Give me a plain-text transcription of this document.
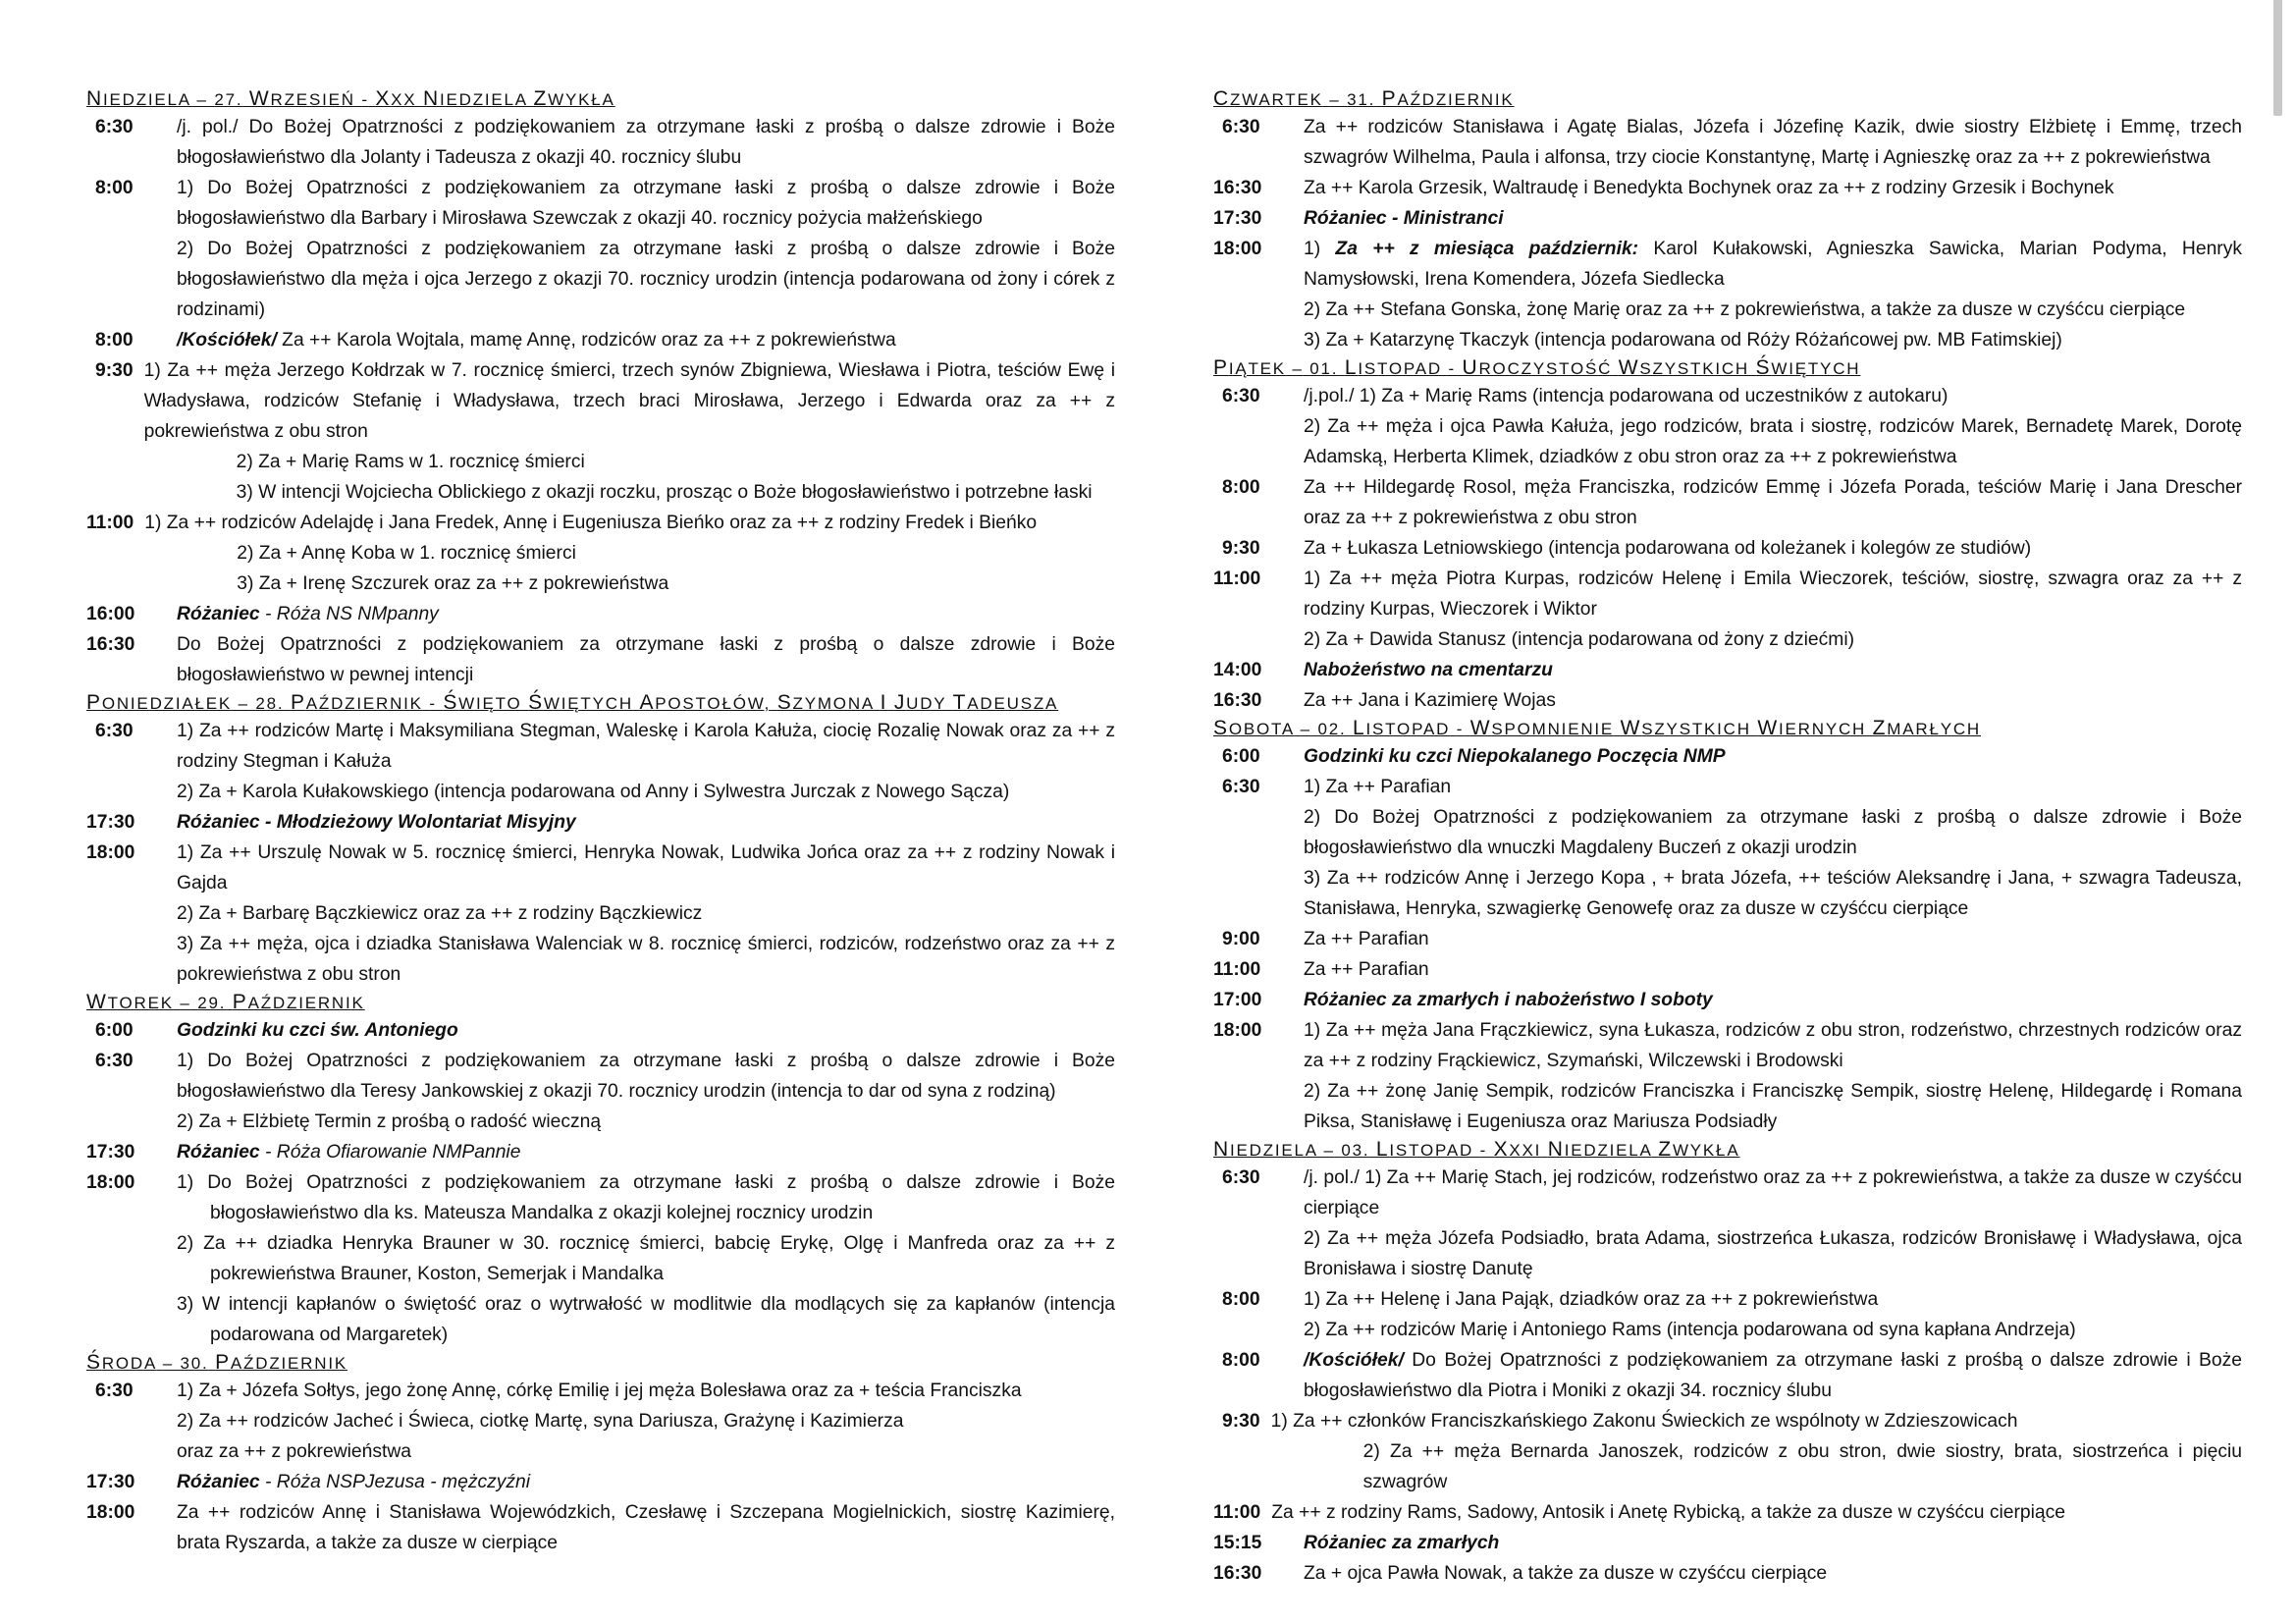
NIEDZIELA – 27. WRZESIEŃ - XXX NIEDZIELA ZWYKŁA
6:30	/j. pol./ Do Bożej Opatrzności z podziękowaniem za otrzymane łaski z prośbą o dalsze zdrowie i Boże błogosławieństwo dla Jolanty i Tadeusza z okazji 40. rocznicy ślubu
8:00	1) Do Bożej Opatrzności z podziękowaniem za otrzymane łaski z prośbą o dalsze zdrowie i Boże błogosławieństwo dla Barbary i Mirosława Szewczak z okazji 40. rocznicy pożycia małżeńskiego
2) Do Bożej Opatrzności z podziękowaniem za otrzymane łaski z prośbą o dalsze zdrowie i Boże błogosławieństwo dla męża i ojca Jerzego z okazji 70. rocznicy urodzin (intencja podarowana od żony i córek z rodzinami)
8:00	/Kościółek/ Za ++ Karola Wojtala, mamę Annę, rodziców oraz za ++ z pokrewieństwa
9:30 1) Za ++ męża Jerzego Kołdrzak w 7. rocznicę śmierci, trzech synów Zbigniewa, Wiesława i Piotra, teściów Ewę i Władysława, rodziców Stefanię i Władysława, trzech braci Mirosława, Jerzego i Edwarda oraz za ++ z pokrewieństwa z obu stron
2) Za + Marię Rams w 1. rocznicę śmierci
3) W intencji Wojciecha Oblickiego z okazji roczku, prosząc o Boże błogosławieństwo i potrzebne łaski
11:00 1) Za ++ rodziców Adelajdę i Jana Fredek, Annę i Eugeniusza Bieńko oraz za ++ z rodziny Fredek i Bieńko
2) Za + Annę Koba w 1. rocznicę śmierci
3) Za + Irenę Szczurek oraz za ++ z pokrewieństwa
16:00	Różaniec - Róża NS NMpanny
16:30	Do Bożej Opatrzności z podziękowaniem za otrzymane łaski z prośbą o dalsze zdrowie i Boże błogosławieństwo w pewnej intencji
PONIEDZIAŁEK – 28. PAŹDZIERNIK - ŚWIĘTO ŚWIĘTYCH APOSTOŁÓW, SZYMONA I JUDY TADEUSZA
6:30	1) Za ++ rodziców Martę i Maksymiliana Stegman, Waleskę i Karola Kałuża, ciocię Rozalię Nowak oraz za ++ z rodziny Stegman i Kałuża
2) Za + Karola Kułakowskiego (intencja podarowana od Anny i Sylwestra Jurczak z Nowego Sącza)
17:30	Różaniec - Młodzieżowy Wolontariat Misyjny
18:00	1) Za ++ Urszulę Nowak w 5. rocznicę śmierci, Henryka Nowak, Ludwika Jońca oraz za ++ z rodziny Nowak i Gajda
2) Za + Barbarę Bączkiewicz oraz za ++ z rodziny Bączkiewicz
3) Za ++ męża, ojca i dziadka Stanisława Walenciak w 8. rocznicę śmierci, rodziców, rodzeństwo oraz za ++ z pokrewieństwa z obu stron
WTOREK – 29. PAŹDZIERNIK
6:00	Godzinki ku czci św. Antoniego
6:30	1) Do Bożej Opatrzności z podziękowaniem za otrzymane łaski z prośbą o dalsze zdrowie i Boże błogosławieństwo dla Teresy Jankowskiej z okazji 70. rocznicy urodzin (intencja to dar od syna z rodziną)
2) Za + Elżbietę Termin z prośbą o radość wieczną
17:30	Różaniec - Róża Ofiarowanie NMPannie
18:00	1) Do Bożej Opatrzności z podziękowaniem za otrzymane łaski z prośbą o dalsze zdrowie i Boże błogosławieństwo dla ks. Mateusza Mandalka z okazji kolejnej rocznicy urodzin
2) Za ++ dziadka Henryka Brauner w 30. rocznicę śmierci, babcię Erykę, Olgę i Manfreda oraz za ++ z pokrewieństwa Brauner, Koston, Semerjak i Mandalka
3) W intencji kapłanów o świętość oraz o wytrwałość w modlitwie dla modlących się za kapłanów (intencja podarowana od Margaretek)
ŚRODA – 30. PAŹDZIERNIK
6:30	1) Za + Józefa Sołtys, jego żonę Annę, córkę Emilię i jej męża Bolesława oraz za + teścia Franciszka
2) Za ++ rodziców Jacheć i Świeca, ciotkę Martę, syna Dariusza, Grażynę i Kazimierza
oraz za ++ z pokrewieństwa
17:30	Różaniec - Róża NSPJezusa - mężczyźni
18:00	Za ++ rodziców Annę i Stanisława Wojewódzkich, Czesławę i Szczepana Mogielnickich, siostrę Kazimierę, brata Ryszarda, a także za dusze w cierpiące
CZWARTEK – 31. PAŹDZIERNIK
6:30	Za ++ rodziców Stanisława i Agatę Bialas, Józefa i Józefinę Kazik, dwie siostry Elżbietę i Emmę, trzech szwagrów Wilhelma, Paula i alfonsa, trzy ciocie Konstantynę, Martę i Agnieszkę oraz za ++ z pokrewieństwa
16:30	Za ++ Karola Grzesik, Waltraudę i Benedykta Bochynek oraz za ++ z rodziny Grzesik i Bochynek
17:30	Różaniec - Ministranci
18:00	1) Za ++ z miesiąca październik: Karol Kułakowski, Agnieszka Sawicka, Marian Podyma, Henryk Namysłowski, Irena Komendera, Józefa Siedlecka
2) Za ++ Stefana Gonska, żonę Marię oraz za ++ z pokrewieństwa, a także za dusze w czyśćcu cierpiące
3) Za + Katarzynę Tkaczyk (intencja podarowana od Róży Różańcowej pw. MB Fatimskiej)
PIĄTEK – 01. LISTOPAD - UROCZYSTOŚĆ WSZYSTKICH ŚWIĘTYCH
6:30	/j.pol./ 1) Za + Marię Rams (intencja podarowana od uczestników z autokaru)
2) Za ++ męża i ojca Pawła Kałuża, jego rodziców, brata i siostrę, rodziców Marek, Bernadetę Marek, Dorotę Adamską, Herberta Klimek, dziadków z obu stron oraz za ++ z pokrewieństwa
8:00	Za ++ Hildegardę Rosol, męża Franciszka, rodziców Emmę i Józefa Porada, teściów Marię i Jana Drescher oraz za ++ z pokrewieństwa z obu stron
9:30	Za + Łukasza Letniowskiego (intencja podarowana od koleżanek i kolegów ze studiów)
11:00	1) Za ++ męża Piotra Kurpas, rodziców Helenę i Emila Wieczorek, teściów, siostrę, szwagra oraz za ++ z rodziny Kurpas, Wieczorek i Wiktor
2) Za + Dawida Stanusz (intencja podarowana od żony z dziećmi)
14:00	Nabożeństwo na cmentarzu
16:30	Za ++ Jana i Kazimierę Wojas
SOBOTA – 02. LISTOPAD - WSPOMNIENIE WSZYSTKICH WIERNYCH ZMARŁYCH
6:00	Godzinki ku czci Niepokalanego Poczęcia NMP
6:30	1) Za ++ Parafian
2) Do Bożej Opatrzności z podziękowaniem za otrzymane łaski z prośbą o dalsze zdrowie i Boże błogosławieństwo dla wnuczki Magdaleny Buczeń z okazji urodzin
3) Za ++ rodziców Annę i Jerzego Kopa , + brata Józefa, ++ teściów Aleksandrę i Jana, + szwagra Tadeusza, Stanisława, Henryka, szwagierkę Genowefę oraz za dusze w czyśćcu cierpiące
9:00	Za ++ Parafian
11:00	Za ++ Parafian
17:00	Różaniec za zmarłych i nabożeństwo I soboty
18:00	1) Za ++ męża Jana Frączkiewicz, syna Łukasza, rodziców z obu stron, rodzeństwo, chrzestnych rodziców oraz za ++ z rodziny Frąckiewicz, Szymański, Wilczewski i Brodowski
2) Za ++ żonę Janię Sempik, rodziców Franciszka i Franciszkę Sempik, siostrę Helenę, Hildegardę i Romana Piksa, Stanisławę i Eugeniusza oraz Mariusza Podsiadły
NIEDZIELA – 03. LISTOPAD - XXXI NIEDZIELA ZWYKŁA
6:30	/j. pol./ 1) Za ++ Marię Stach, jej rodziców, rodzeństwo oraz za ++ z pokrewieństwa, a także za dusze w czyśćcu cierpiące
2) Za ++ męża Józefa Podsiadło, brata Adama, siostrzeńca Łukasza, rodziców Bronisławę i Władysława, ojca Bronisława i siostrę Danutę
8:00	1) Za ++ Helenę i Jana Pająk, dziadków oraz za ++ z pokrewieństwa
2) Za ++ rodziców Marię i Antoniego Rams (intencja podarowana od syna kapłana Andrzeja)
8:00	/Kościółek/ Do Bożej Opatrzności z podziękowaniem za otrzymane łaski z prośbą o dalsze zdrowie i Boże błogosławieństwo dla Piotra i Moniki z okazji 34. rocznicy ślubu
9:30 1) Za ++ członków Franciszkańskiego Zakonu Świeckich ze wspólnoty w Zdzieszowicach
2) Za ++ męża Bernarda Janoszek, rodziców z obu stron, dwie siostry, brata, siostrzeńca i pięciu szwagrów
11:00 Za ++ z rodziny Rams, Sadowy, Antosik i Anetę Rybicką, a także za dusze w czyśćcu cierpiące
15:15	Różaniec za zmarłych
16:30	Za + ojca Pawła Nowak, a także za dusze w czyśćcu cierpiące
